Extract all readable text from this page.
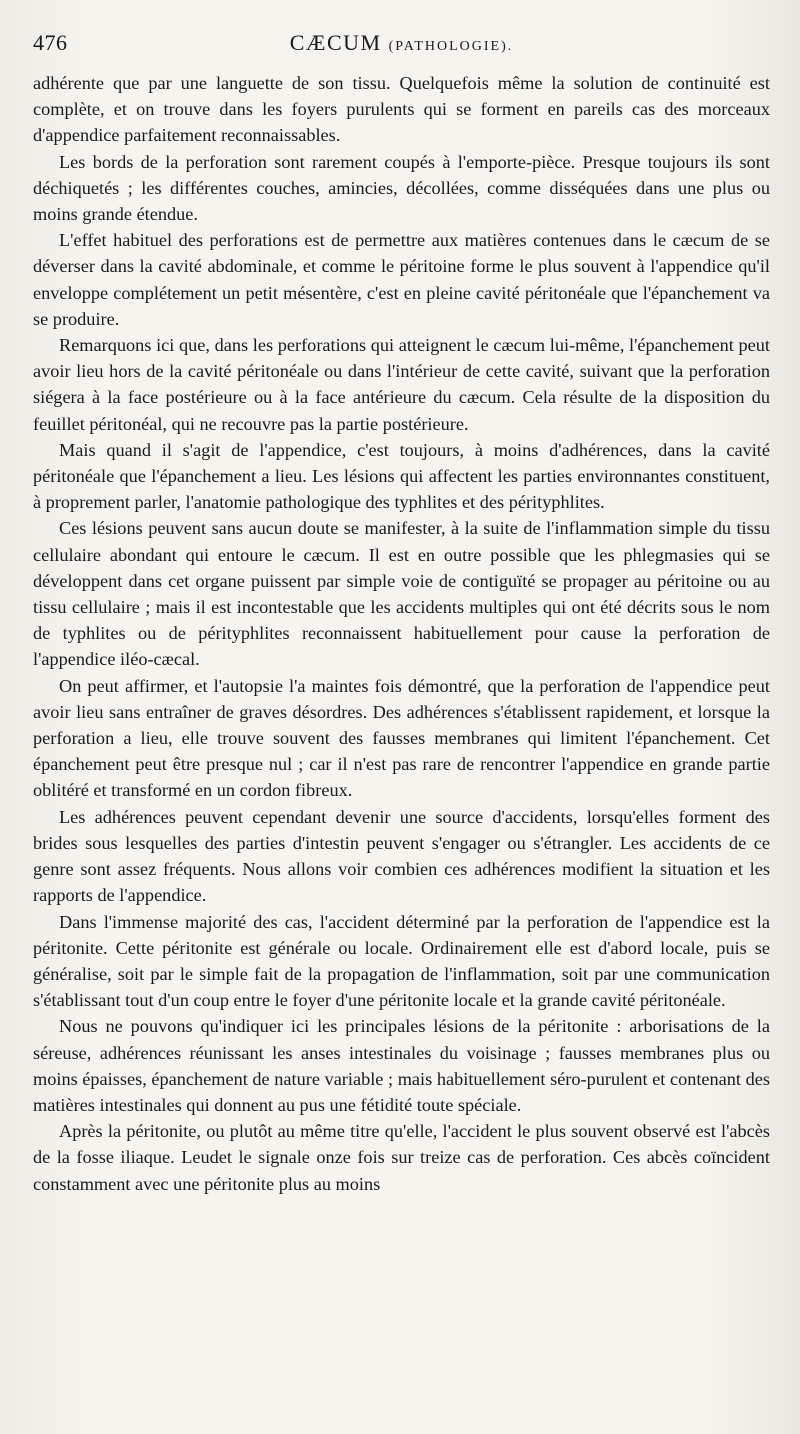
476	CÆCUM (PATHOLOGIE).

adhérente que par une languette de son tissu. Quelquefois même la solution de continuité est complète, et on trouve dans les foyers purulents qui se forment en pareils cas des morceaux d'appendice parfaitement reconnaissables.

Les bords de la perforation sont rarement coupés à l'emporte-pièce. Presque toujours ils sont déchiquetés ; les différentes couches, amincies, décollées, comme disséquées dans une plus ou moins grande étendue.

L'effet habituel des perforations est de permettre aux matières contenues dans le cæcum de se déverser dans la cavité abdominale, et comme le péritoine forme le plus souvent à l'appendice qu'il enveloppe complétement un petit mésentère, c'est en pleine cavité péritonéale que l'épanchement va se produire.

Remarquons ici que, dans les perforations qui atteignent le cæcum lui-même, l'épanchement peut avoir lieu hors de la cavité péritonéale ou dans l'intérieur de cette cavité, suivant que la perforation siégera à la face postérieure ou à la face antérieure du cæcum. Cela résulte de la disposition du feuillet péritonéal, qui ne recouvre pas la partie postérieure.

Mais quand il s'agit de l'appendice, c'est toujours, à moins d'adhérences, dans la cavité péritonéale que l'épanchement a lieu. Les lésions qui affectent les parties environnantes constituent, à proprement parler, l'anatomie pathologique des typhlites et des pérityphlites.

Ces lésions peuvent sans aucun doute se manifester, à la suite de l'inflammation simple du tissu cellulaire abondant qui entoure le cæcum. Il est en outre possible que les phlegmasies qui se développent dans cet organe puissent par simple voie de contiguïté se propager au péritoine ou au tissu cellulaire ; mais il est incontestable que les accidents multiples qui ont été décrits sous le nom de typhlites ou de pérityphlites reconnaissent habituellement pour cause la perforation de l'appendice iléo-cæcal.

On peut affirmer, et l'autopsie l'a maintes fois démontré, que la perforation de l'appendice peut avoir lieu sans entraîner de graves désordres. Des adhérences s'établissent rapidement, et lorsque la perforation a lieu, elle trouve souvent des fausses membranes qui limitent l'épanchement. Cet épanchement peut être presque nul ; car il n'est pas rare de rencontrer l'appendice en grande partie oblitéré et transformé en un cordon fibreux.

Les adhérences peuvent cependant devenir une source d'accidents, lorsqu'elles forment des brides sous lesquelles des parties d'intestin peuvent s'engager ou s'étrangler. Les accidents de ce genre sont assez fréquents. Nous allons voir combien ces adhérences modifient la situation et les rapports de l'appendice.

Dans l'immense majorité des cas, l'accident déterminé par la perforation de l'appendice est la péritonite. Cette péritonite est générale ou locale. Ordinairement elle est d'abord locale, puis se généralise, soit par le simple fait de la propagation de l'inflammation, soit par une communication s'établissant tout d'un coup entre le foyer d'une péritonite locale et la grande cavité péritonéale.

Nous ne pouvons qu'indiquer ici les principales lésions de la péritonite : arborisations de la séreuse, adhérences réunissant les anses intestinales du voisinage ; fausses membranes plus ou moins épaisses, épanchement de nature variable ; mais habituellement séro-purulent et contenant des matières intestinales qui donnent au pus une fétidité toute spéciale.

Après la péritonite, ou plutôt au même titre qu'elle, l'accident le plus souvent observé est l'abcès de la fosse iliaque. Leudet le signale onze fois sur treize cas de perforation. Ces abcès coïncident constamment avec une péritonite plus au moins
